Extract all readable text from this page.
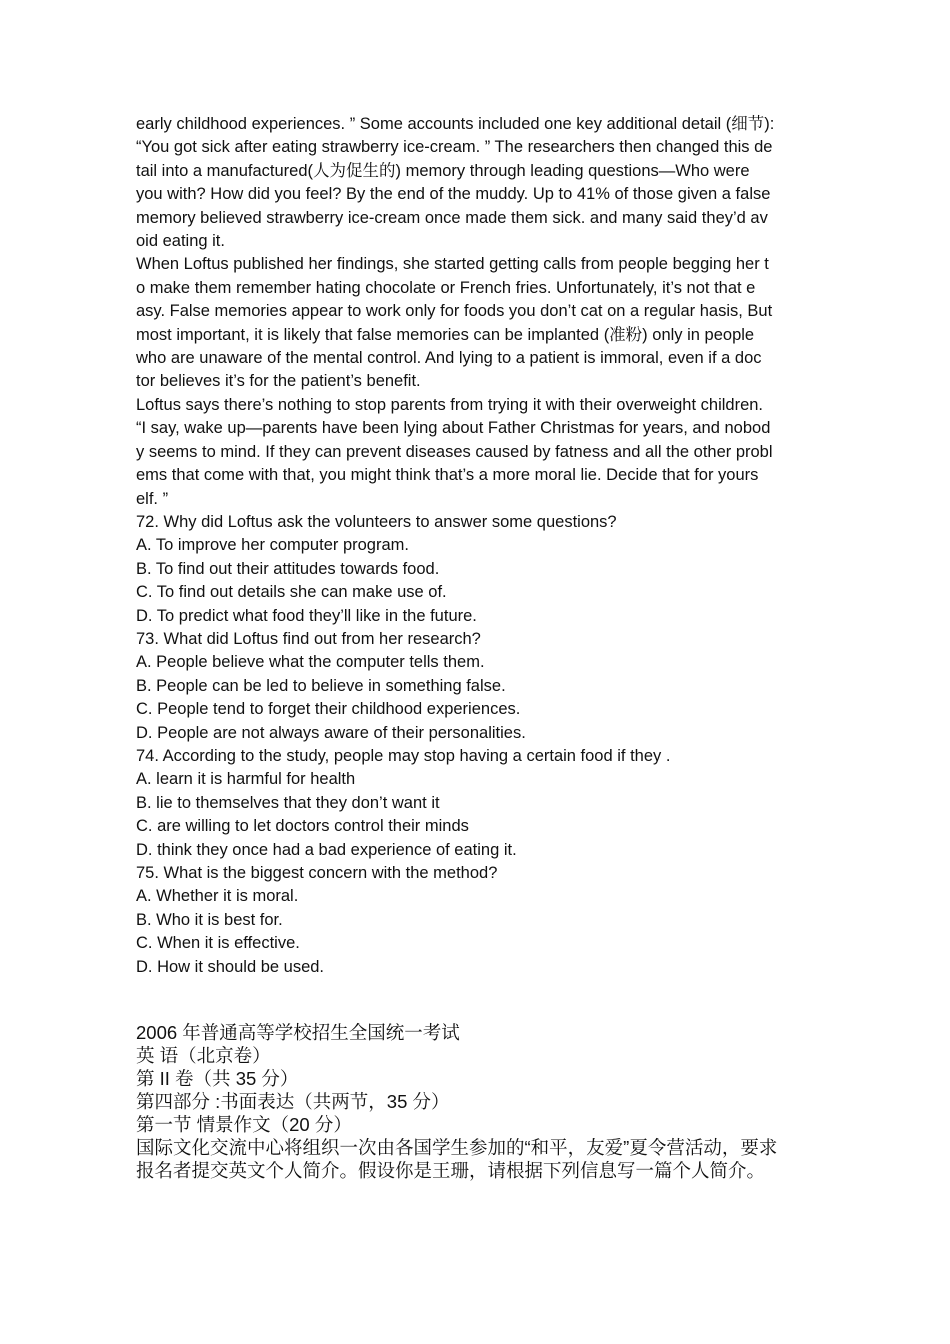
early childhood experiences. ” Some accounts included one key additional detail (细节):
“You got sick after eating strawberry ice-cream. ” The researchers then changed this de
tail into a manufactured(人为促生的) memory through leading questions—Who were
you with? How did you feel? By the end of the muddy. Up to 41% of those given a false
memory believed strawberry ice-cream once made them sick. and many said they’d av
oid eating it.
When Loftus published her findings, she started getting calls from people begging her t
o make them remember hating chocolate or French fries. Unfortunately, it’s not that e
asy. False memories appear to work only for foods you don’t cat on a regular hasis, But
most important, it is likely that false memories can be implanted (准粉) only in people
who are unaware of the mental control. And lying to a patient is immoral, even if a doc
tor believes it’s for the patient’s benefit.
Loftus says there’s nothing to stop parents from trying it with their overweight children.
“I say, wake up—parents have been lying about Father Christmas for years, and nobod
y seems to mind. If they can prevent diseases caused by fatness and all the other probl
ems that come with that, you might think that’s a more moral lie. Decide that for yours
elf. ”
72. Why did Loftus ask the volunteers to answer some questions?
A. To improve her computer program.
B. To find out their attitudes towards food.
C. To find out details she can make use of.
D. To predict what food they’ll like in the future.
73. What did Loftus find out from her research?
A. People believe what the computer tells them.
B. People can be led to believe in something false.
C. People tend to forget their childhood experiences.
D. People are not always aware of their personalities.
74. According to the study, people may stop having a certain food if they .
A. learn it is harmful for health
B. lie to themselves that they don’t want it
C. are willing to let doctors control their minds
D. think they once had a bad experience of eating it.
75. What is the biggest concern with the method?
A. Whether it is moral.
B. Who it is best for.
C. When it is effective.
D. How it should be used.
2006 年普通高等学校招生全国统一考试
英 语（北京卷）
第 II 卷（共 35 分）
第四部分 :书面表达（共两节，35 分）
第一节 情景作文（20 分）
国际文化交流中心将组织一次由各国学生参加的“和平，友爱”夏令营活动，要求
报名者提交英文个人简介。假设你是王珊，请根据下列信息写一篇个人简介。
